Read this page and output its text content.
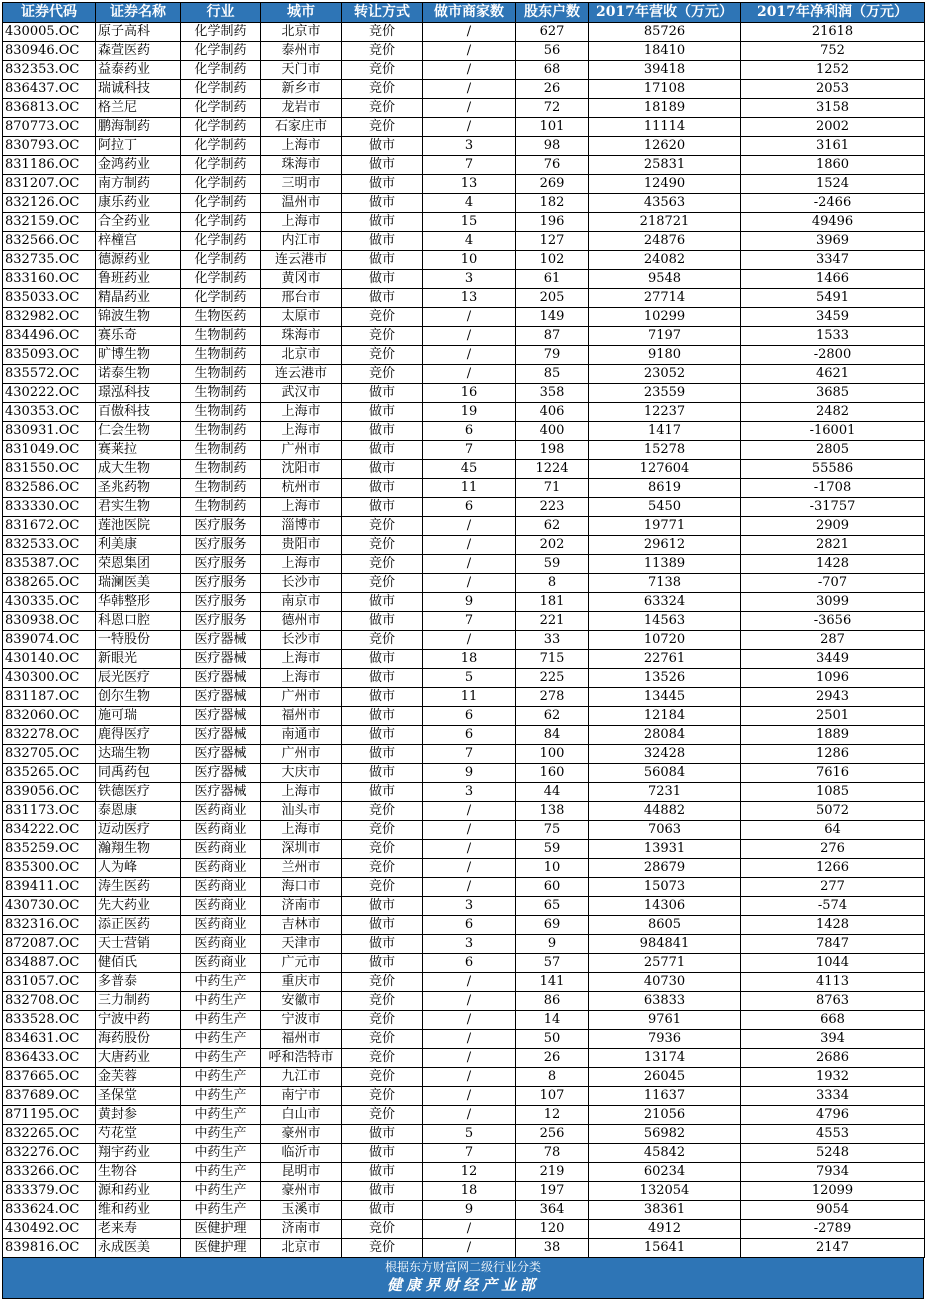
证券代码	证券名称	行业	城市	转让方式	做市商家数	股东户数	2017年营收（万元）	2017年净利润（万元）
430005.OC	原子高科	化学制药	北京市	竞价	/	627	85726	21618
830946.OC	森萱医药	化学制药	泰州市	竞价	/	56	18410	752
832353.OC	益泰药业	化学制药	天门市	竞价	/	68	39418	1252
836437.OC	瑞诚科技	化学制药	新乡市	竞价	/	26	17108	2053
836813.OC	格兰尼	化学制药	龙岩市	竞价	/	72	18189	3158
870773.OC	鹏海制药	化学制药	石家庄市	竞价	/	101	11114	2002
830793.OC	阿拉丁	化学制药	上海市	做市	3	98	12620	3161
831186.OC	金鸿药业	化学制药	珠海市	做市	7	76	25831	1860
831207.OC	南方制药	化学制药	三明市	做市	13	269	12490	1524
832126.OC	康乐药业	化学制药	温州市	做市	4	182	43563	-2466
832159.OC	合全药业	化学制药	上海市	做市	15	196	218721	49496
832566.OC	梓橦宫	化学制药	内江市	做市	4	127	24876	3969
832735.OC	德源药业	化学制药	连云港市	做市	10	102	24082	3347
833160.OC	鲁班药业	化学制药	黄冈市	做市	3	61	9548	1466
835033.OC	精晶药业	化学制药	邢台市	做市	13	205	27714	5491
832982.OC	锦波生物	生物医药	太原市	竞价	/	149	10299	3459
834496.OC	赛乐奇	生物制药	珠海市	竞价	/	87	7197	1533
835093.OC	旷博生物	生物制药	北京市	竞价	/	79	9180	-2800
835572.OC	诺泰生物	生物制药	连云港市	竞价	/	85	23052	4621
430222.OC	璟泓科技	生物制药	武汉市	做市	16	358	23559	3685
430353.OC	百傲科技	生物制药	上海市	做市	19	406	12237	2482
830931.OC	仁会生物	生物制药	上海市	做市	6	400	1417	-16001
831049.OC	赛莱拉	生物制药	广州市	做市	7	198	15278	2805
831550.OC	成大生物	生物制药	沈阳市	做市	45	1224	127604	55586
832586.OC	圣兆药物	生物制药	杭州市	做市	11	71	8619	-1708
833330.OC	君实生物	生物制药	上海市	做市	6	223	5450	-31757
831672.OC	莲池医院	医疗服务	淄博市	竞价	/	62	19771	2909
832533.OC	利美康	医疗服务	贵阳市	竞价	/	202	29612	2821
835387.OC	荣恩集团	医疗服务	上海市	竞价	/	59	11389	1428
838265.OC	瑞澜医美	医疗服务	长沙市	竞价	/	8	7138	-707
430335.OC	华韩整形	医疗服务	南京市	做市	9	181	63324	3099
830938.OC	科恩口腔	医疗服务	德州市	做市	7	221	14563	-3656
839074.OC	一特股份	医疗器械	长沙市	竞价	/	33	10720	287
430140.OC	新眼光	医疗器械	上海市	做市	18	715	22761	3449
430300.OC	辰光医疗	医疗器械	上海市	做市	5	225	13526	1096
831187.OC	创尔生物	医疗器械	广州市	做市	11	278	13445	2943
832060.OC	施可瑞	医疗器械	福州市	做市	6	62	12184	2501
832278.OC	鹿得医疗	医疗器械	南通市	做市	6	84	28084	1889
832705.OC	达瑞生物	医疗器械	广州市	做市	7	100	32428	1286
835265.OC	同禹药包	医疗器械	大庆市	做市	9	160	56084	7616
839056.OC	铁德医疗	医疗器械	上海市	做市	3	44	7231	1085
831173.OC	泰恩康	医药商业	汕头市	竞价	/	138	44882	5072
834222.OC	迈动医疗	医药商业	上海市	竞价	/	75	7063	64
835259.OC	瀚翔生物	医药商业	深圳市	竞价	/	59	13931	276
835300.OC	人为峰	医药商业	兰州市	竞价	/	10	28679	1266
839411.OC	涛生医药	医药商业	海口市	竞价	/	60	15073	277
430730.OC	先大药业	医药商业	济南市	做市	3	65	14306	-574
832316.OC	添正医药	医药商业	吉林市	做市	6	69	8605	1428
872087.OC	天士营销	医药商业	天津市	做市	3	9	984841	7847
834887.OC	健佰氏	医药商业	广元市	做市	6	57	25771	1044
831057.OC	多普泰	中药生产	重庆市	竞价	/	141	40730	4113
832708.OC	三力制药	中药生产	安徽市	竞价	/	86	63833	8763
833528.OC	宁波中药	中药生产	宁波市	竞价	/	14	9761	668
834631.OC	海药股份	中药生产	福州市	竞价	/	50	7936	394
836433.OC	大唐药业	中药生产	呼和浩特市	竞价	/	26	13174	2686
837665.OC	金芙蓉	中药生产	九江市	竞价	/	8	26045	1932
837689.OC	圣保堂	中药生产	南宁市	竞价	/	107	11637	3334
871195.OC	黄封参	中药生产	白山市	竞价	/	12	21056	4796
832265.OC	芍花堂	中药生产	豪州市	做市	5	256	56982	4553
832276.OC	翔宇药业	中药生产	临沂市	做市	7	78	45842	5248
833266.OC	生物谷	中药生产	昆明市	做市	12	219	60234	7934
833379.OC	源和药业	中药生产	豪州市	做市	18	197	132054	12099
833624.OC	维和药业	中药生产	玉溪市	做市	9	364	38361	9054
430492.OC	老来寿	医健护理	济南市	竞价	/	120	4912	-2789
839816.OC	永成医美	医健护理	北京市	竞价	/	38	15641	2147
根据东方财富网二级行业分类
健康界财经产业部
